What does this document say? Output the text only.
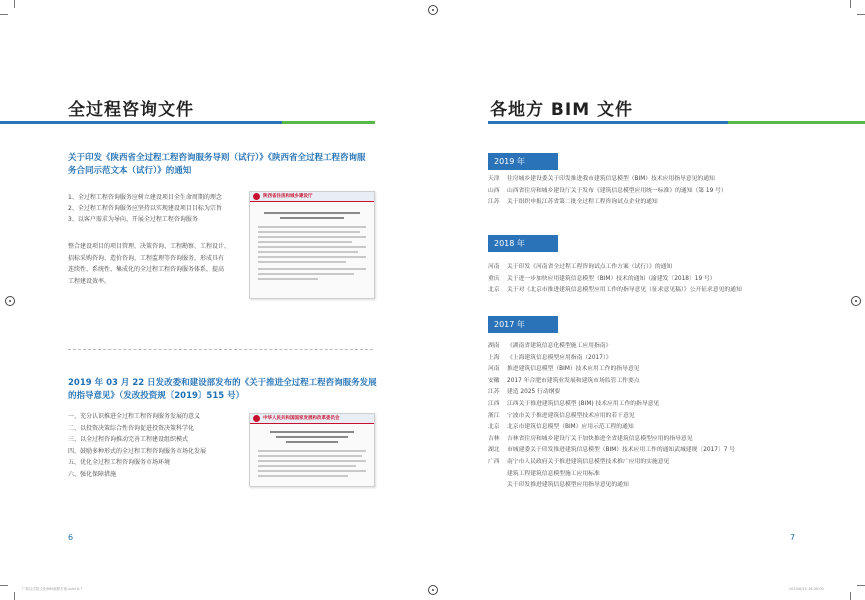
全过程咨询文件
关于印发《陕西省全过程工程咨询服务导则（试行）》《陕西省全过程工程咨询服
务合同示范文本（试行）》的通知
1、全过程工程咨询服务应树立建设项目全生命周期的理念
2、全过程工程咨询服务应坚持以实现建设项目目标为宗旨
3、以客户需求为导向、开展全过程工程咨询服务
整合建设项目的项目管理、决策咨询、工程勘察、工程设计、
招标采购咨询、造价咨询、工程监理等咨询服务，形成具有
连续性、系统性、集成化的全过程工程咨询服务体系，提高
工程建设效率。
陕西省住房和城乡建设厅
2019 年 03 月 22 日发改委和建设部发布的《关于推进全过程工程咨询服务发展
的指导意见》（发改投资规〔2019〕515 号）
一、充分认识推进全过程工程咨询服务发展的意义
二、以投资决策综合性咨询促进投资决策科学化
三、以全过程咨询推动完善工程建设组织模式
四、鼓励多种形式的全过程工程咨询服务市场化发展
五、优化全过程工程咨询服务市场环境
六、强化保障措施
中华人民共和国国家发展和改革委员会
6
广联达学院文化BIM画册方案.indd 6-7
各地方 BIM 文件
2019 年
天津	住房城乡建设委关于印发推进我市建筑信息模型（BIM）技术应用指导意见的通知
山西	山西省住房和城乡建设厅关于发布《建筑信息模型应用统一标准》的通知（第 19 号）
江苏	关于组织申报江苏省第二批全过程工程咨询试点企业的通知
2018 年
河南	关于印发《河南省全过程工程咨询试点工作方案（试行）》的通知
重庆	关于进一步加快应用建筑信息模型（BIM）技术的通知（渝建发〔2018〕19 号）
北京	关于对《北京市推进建筑信息模型应用工作的指导意见（征求意见稿）》公开征求意见的通知
2017 年
湖南	《湖南省建筑信息化模型施工应用指南》
上海	《上海建筑信息模型应用指南（2017）》
河南	推进建筑信息模型（BIM）技术应用工作的指导意见
安徽	2017 年合肥市建筑业发展和建筑市场监管工作要点
江苏	建造 2025 行动纲要
江西	江西关于推进建筑信息模型 (BIM) 技术应用工作的指导意见
浙江	宁波市关于推进建筑信息模型技术应用的若干意见
北京	北京市建筑信息模型（BIM）应用示范工程的通知
吉林	吉林省住房和城乡建设厅关于加快推进全省建筑信息模型应用的指导意见
湖北	市城建委关于印发推进建筑信息模型（BIM）技术应用工作的通知武城建规〔2017〕7 号
广西	南宁市人民政府关于推进建筑信息模型技术推广应用的实施意见
建筑工程建筑信息模型施工应用标准
关于印发推进建筑信息模型应用指导意见的通知
7
2019/8/15 16:39:00
